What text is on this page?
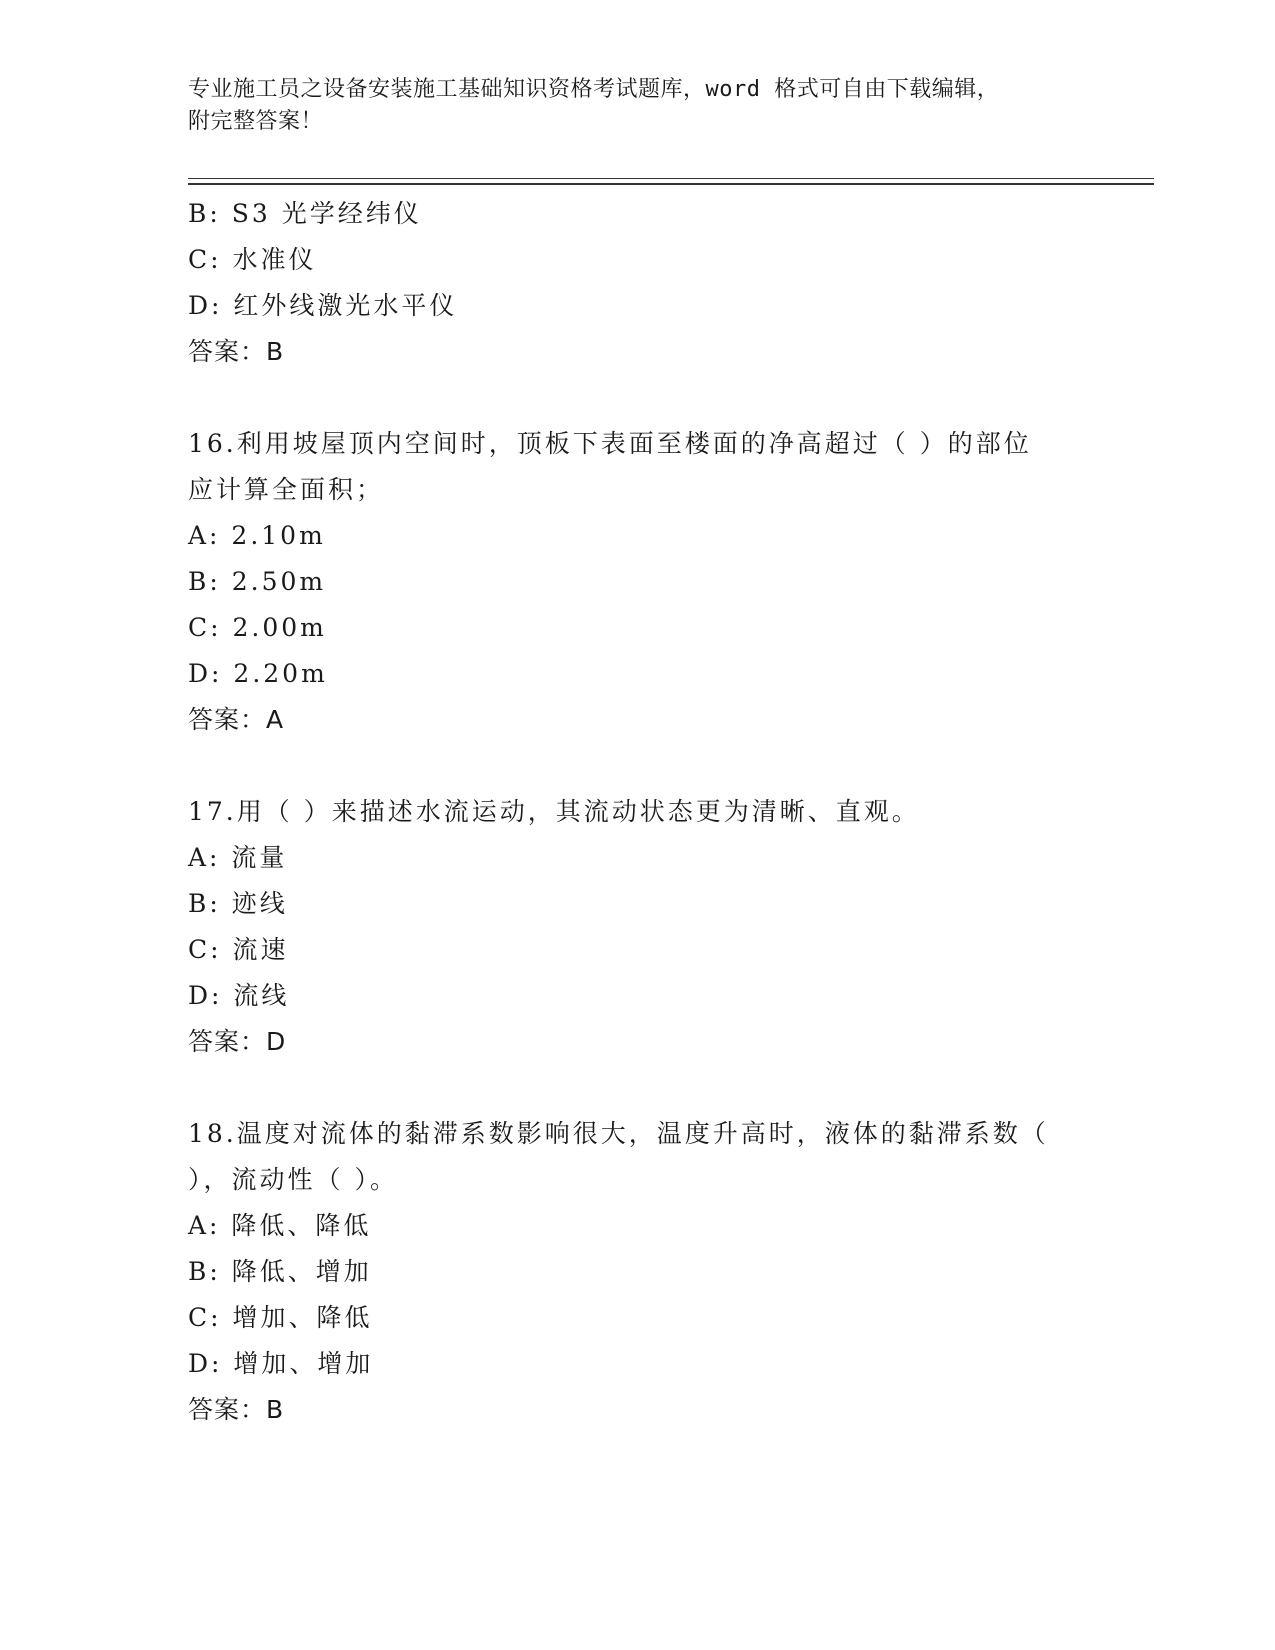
专业施工员之设备安装施工基础知识资格考试题库，word 格式可自由下载编辑，
附完整答案！
B: S3 光学经纬仪
C: 水准仪
D: 红外线激光水平仪
答案：B
16.利用坡屋顶内空间时，顶板下表面至楼面的净高超过（ ）的部位
应计算全面积；
A: 2.10m
B: 2.50m
C: 2.00m
D: 2.20m
答案：A
17.用（ ）来描述水流运动，其流动状态更为清晰、直观。
A: 流量
B: 迹线
C: 流速
D: 流线
答案：D
18.温度对流体的黏滞系数影响很大，温度升高时，液体的黏滞系数（
），流动性（ ）。
A: 降低、降低
B: 降低、增加
C: 增加、降低
D: 增加、增加
答案：B
